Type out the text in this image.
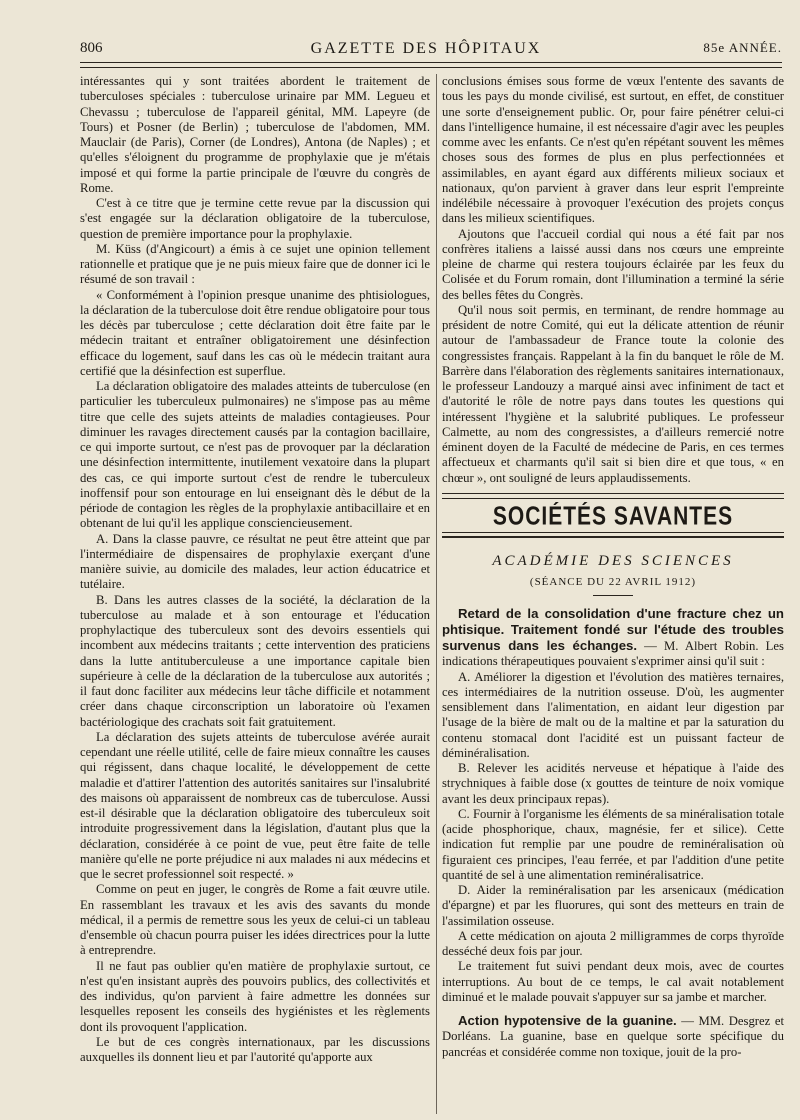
806	GAZETTE DES HÔPITAUX	85e ANNÉE.

intéressantes qui y sont traitées abordent le traitement de tuberculoses spéciales : tuberculose urinaire par MM. Legueu et Chevassu ; tuberculose de l'appareil génital, MM. Lapeyre (de Tours) et Posner (de Berlin) ; tuberculose de l'abdomen, MM. Mauclair (de Paris), Corner (de Londres), Antona (de Naples) ; et qu'elles s'éloignent du programme de prophylaxie que je m'étais imposé et qui forme la partie principale de l'œuvre du congrès de Rome.

C'est à ce titre que je termine cette revue par la discussion qui s'est engagée sur la déclaration obligatoire de la tuberculose, question de première importance pour la prophylaxie.

M. Küss (d'Angicourt) a émis à ce sujet une opinion tellement rationnelle et pratique que je ne puis mieux faire que de donner ici le résumé de son travail :

« Conformément à l'opinion presque unanime des phtisiologues, la déclaration de la tuberculose doit être rendue obligatoire pour tous les décès par tuberculose ; cette déclaration doit être faite par le médecin traitant et entraîner obligatoirement une désinfection efficace du logement, sauf dans les cas où le médecin traitant aura certifié que la désinfection est superflue.

La déclaration obligatoire des malades atteints de tuberculose (en particulier les tuberculeux pulmonaires) ne s'impose pas au même titre que celle des sujets atteints de maladies contagieuses. Pour diminuer les ravages directement causés par la contagion bacillaire, ce qui importe surtout, ce n'est pas de provoquer par la déclaration une désinfection intermittente, inutilement vexatoire dans la plupart des cas, ce qui importe surtout c'est de rendre le tuberculeux inoffensif pour son entourage en lui enseignant dès le début de la période de contagion les règles de la prophylaxie antibacillaire et en obtenant de lui qu'il les applique consciencieusement.

A. Dans la classe pauvre, ce résultat ne peut être atteint que par l'intermédiaire de dispensaires de prophylaxie exerçant d'une manière suivie, au domicile des malades, leur action éducatrice et tutélaire.

B. Dans les autres classes de la société, la déclaration de la tuberculose au malade et à son entourage et l'éducation prophylactique des tuberculeux sont des devoirs essentiels qui incombent aux médecins traitants ; cette intervention des praticiens dans la lutte antituberculeuse a une importance capitale bien supérieure à celle de la déclaration de la tuberculose aux autorités ; il faut donc faciliter aux médecins leur tâche difficile et notamment créer dans chaque circonscription un laboratoire où l'examen bactériologique des crachats soit fait gratuitement.

La déclaration des sujets atteints de tuberculose avérée aurait cependant une réelle utilité, celle de faire mieux connaître les causes qui régissent, dans chaque localité, le développement de cette maladie et d'attirer l'attention des autorités sanitaires sur l'insalubrité des maisons où apparaissent de nombreux cas de tuberculose. Aussi est-il désirable que la déclaration obligatoire des tuberculeux soit introduite progressivement dans la législation, d'autant plus que la déclaration, considérée à ce point de vue, peut être faite de telle manière qu'elle ne porte préjudice ni aux malades ni aux médecins et que le secret professionnel soit respecté. »

Comme on peut en juger, le congrès de Rome a fait œuvre utile. En rassemblant les travaux et les avis des savants du monde médical, il a permis de remettre sous les yeux de celui-ci un tableau d'ensemble où chacun pourra puiser les idées directrices pour la lutte à entreprendre.

Il ne faut pas oublier qu'en matière de prophylaxie surtout, ce n'est qu'en insistant auprès des pouvoirs publics, des collectivités et des individus, qu'on parvient à faire admettre les données sur lesquelles reposent les conseils des hygiénistes et les règlements dont ils provoquent l'application.

Le but de ces congrès internationaux, par les discussions auxquelles ils donnent lieu et par l'autorité qu'apporte aux

conclusions émises sous forme de vœux l'entente des savants de tous les pays du monde civilisé, est surtout, en effet, de constituer une sorte d'enseignement public. Or, pour faire pénétrer celui-ci dans l'intelligence humaine, il est nécessaire d'agir avec les peuples comme avec les enfants. Ce n'est qu'en répétant souvent les mêmes choses sous des formes de plus en plus perfectionnées et assimilables, en ayant égard aux différents milieux sociaux et nationaux, qu'on parvient à graver dans leur esprit l'empreinte indélébile nécessaire à provoquer l'exécution des projets conçus dans les milieux scientifiques.

Ajoutons que l'accueil cordial qui nous a été fait par nos confrères italiens a laissé aussi dans nos cœurs une empreinte pleine de charme qui restera toujours éclairée par les feux du Colisée et du Forum romain, dont l'illumination a terminé la série des belles fêtes du Congrès.

Qu'il nous soit permis, en terminant, de rendre hommage au président de notre Comité, qui eut la délicate attention de réunir autour de l'ambassadeur de France toute la colonie des congressistes français. Rappelant à la fin du banquet le rôle de M. Barrère dans l'élaboration des règlements sanitaires internationaux, le professeur Landouzy a marqué ainsi avec infiniment de tact et d'autorité le rôle de notre pays dans toutes les questions qui intéressent l'hygiène et la salubrité publiques. Le professeur Calmette, au nom des congressistes, a d'ailleurs remercié notre éminent doyen de la Faculté de médecine de Paris, en ces termes affectueux et charmants qu'il sait si bien dire et que tous, « en chœur », ont souligné de leurs applaudissements.

SOCIÉTÉS SAVANTES
ACADÉMIE DES SCIENCES
(SÉANCE DU 22 AVRIL 1912)

Retard de la consolidation d'une fracture chez un phtisique. Traitement fondé sur l'étude des troubles survenus dans les échanges. — M. Albert Robin. Les indications thérapeutiques pouvaient s'exprimer ainsi qu'il suit :

A. Améliorer la digestion et l'évolution des matières ternaires, ces intermédiaires de la nutrition osseuse. D'où, les augmenter sensiblement dans l'alimentation, en aidant leur digestion par l'usage de la bière de malt ou de la maltine et par la saturation du contenu stomacal dont l'acidité est un puissant facteur de déminéralisation.

B. Relever les acidités nerveuse et hépatique à l'aide des strychniques à faible dose (x gouttes de teinture de noix vomique avant les deux principaux repas).

C. Fournir à l'organisme les éléments de sa minéralisation totale (acide phosphorique, chaux, magnésie, fer et silice). Cette indication fut remplie par une poudre de reminéralisation où figuraient ces principes, l'eau ferrée, et par l'addition d'une petite quantité de sel à une alimentation reminéralisatrice.

D. Aider la reminéralisation par les arsenicaux (médication d'épargne) et par les fluorures, qui sont des metteurs en train de l'assimilation osseuse.

A cette médication on ajouta 2 milligrammes de corps thyroïde desséché deux fois par jour.

Le traitement fut suivi pendant deux mois, avec de courtes interruptions. Au bout de ce temps, le cal avait notablement diminué et le malade pouvait s'appuyer sur sa jambe et marcher.

Action hypotensive de la guanine. — MM. Desgrez et Dorléans. La guanine, base en quelque sorte spécifique du pancréas et considérée comme non toxique, jouit de la pro-
